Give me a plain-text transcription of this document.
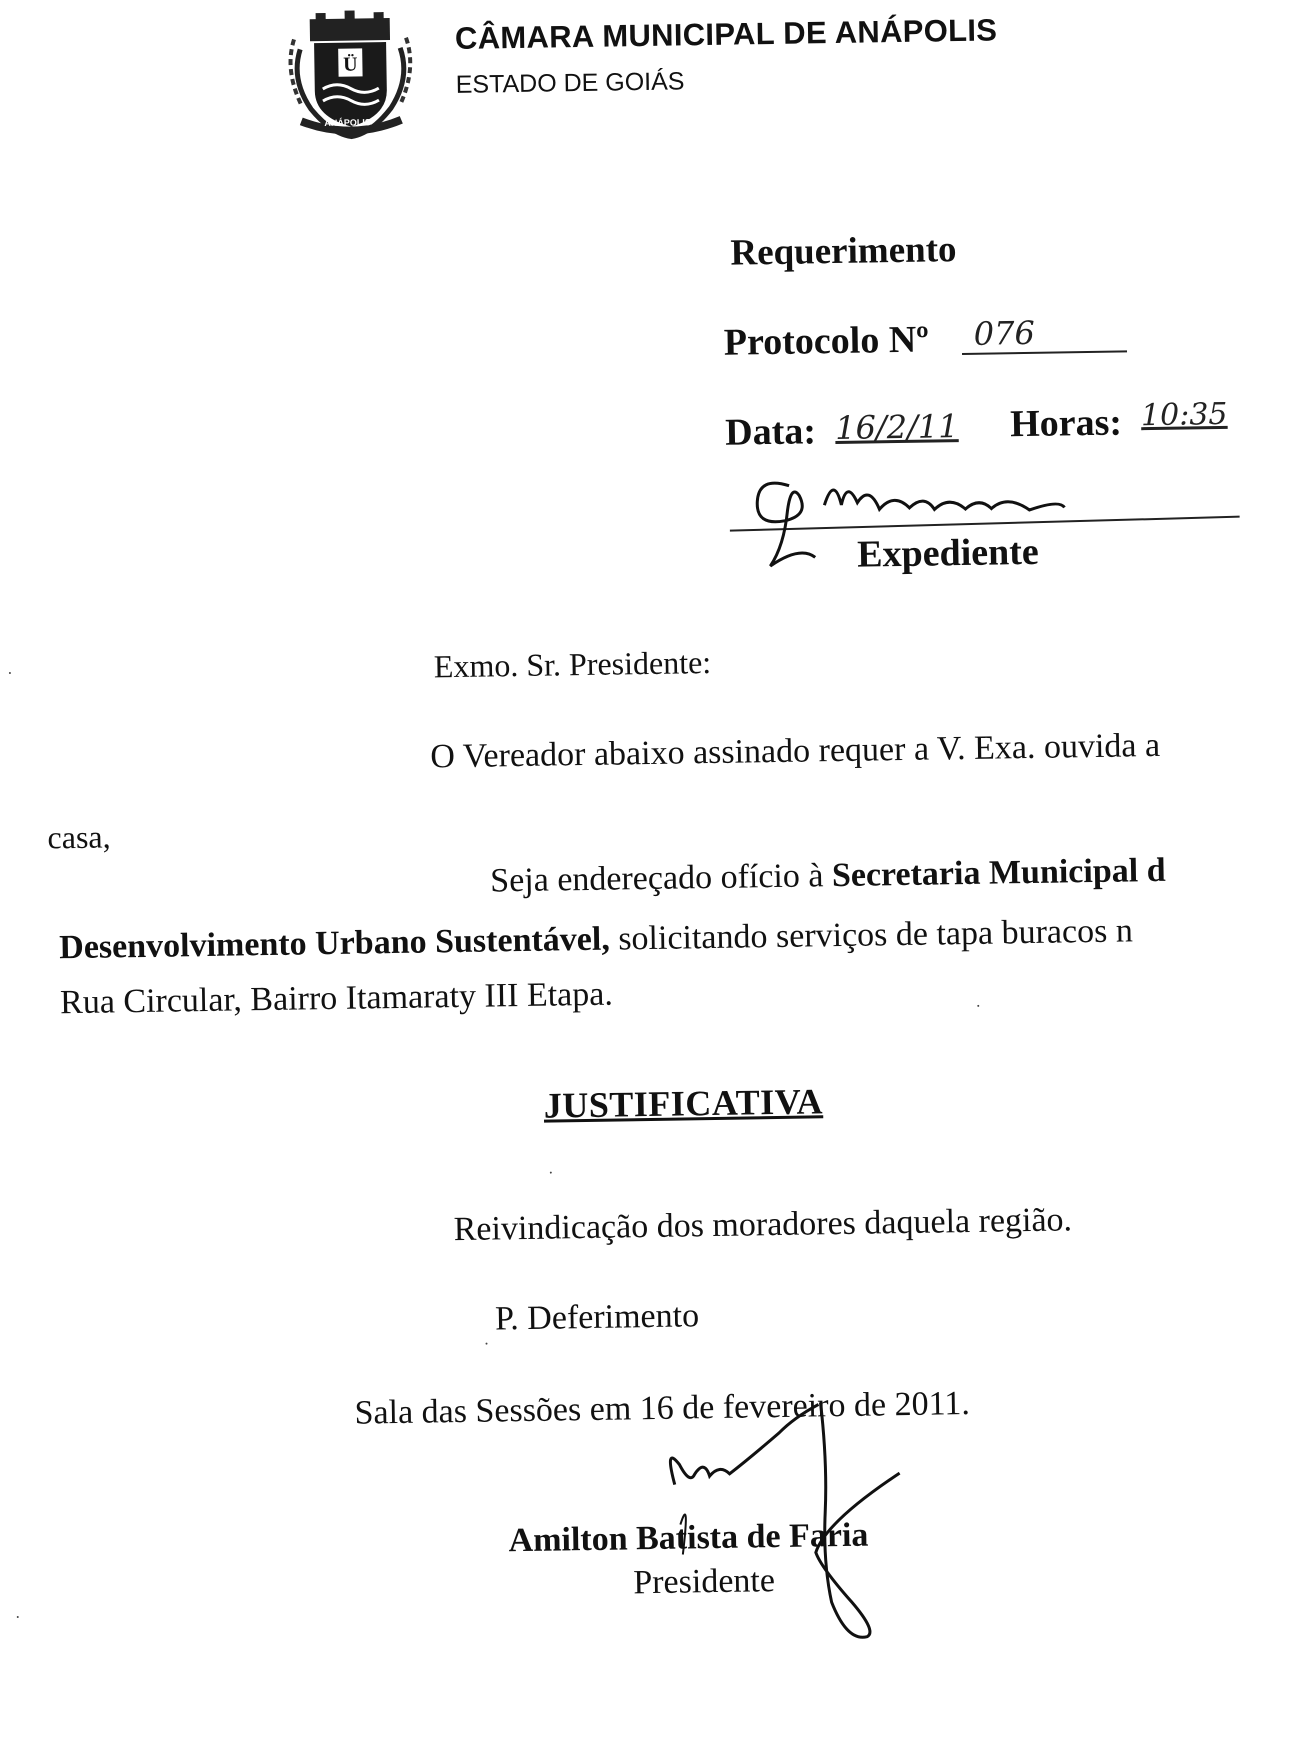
Ü
ANÁPOLIS
CÂMARA MUNICIPAL DE ANÁPOLIS
ESTADO DE GOIÁS
Requerimento
Protocolo Nº 076
Data: 16/2/11 Horas: 10:35
Expediente
Exmo. Sr. Presidente:
O Vereador abaixo assinado requer a V. Exa. ouvida a
casa,
Seja endereçado ofício à Secretaria Municipal d
Desenvolvimento Urbano Sustentável, solicitando serviços de tapa buracos n
Rua Circular, Bairro Itamaraty III Etapa.
JUSTIFICATIVA
Reivindicação dos moradores daquela região.
P. Deferimento
Sala das Sessões em 16 de fevereiro de 2011.
Amilton Batista de Faria
Presidente
